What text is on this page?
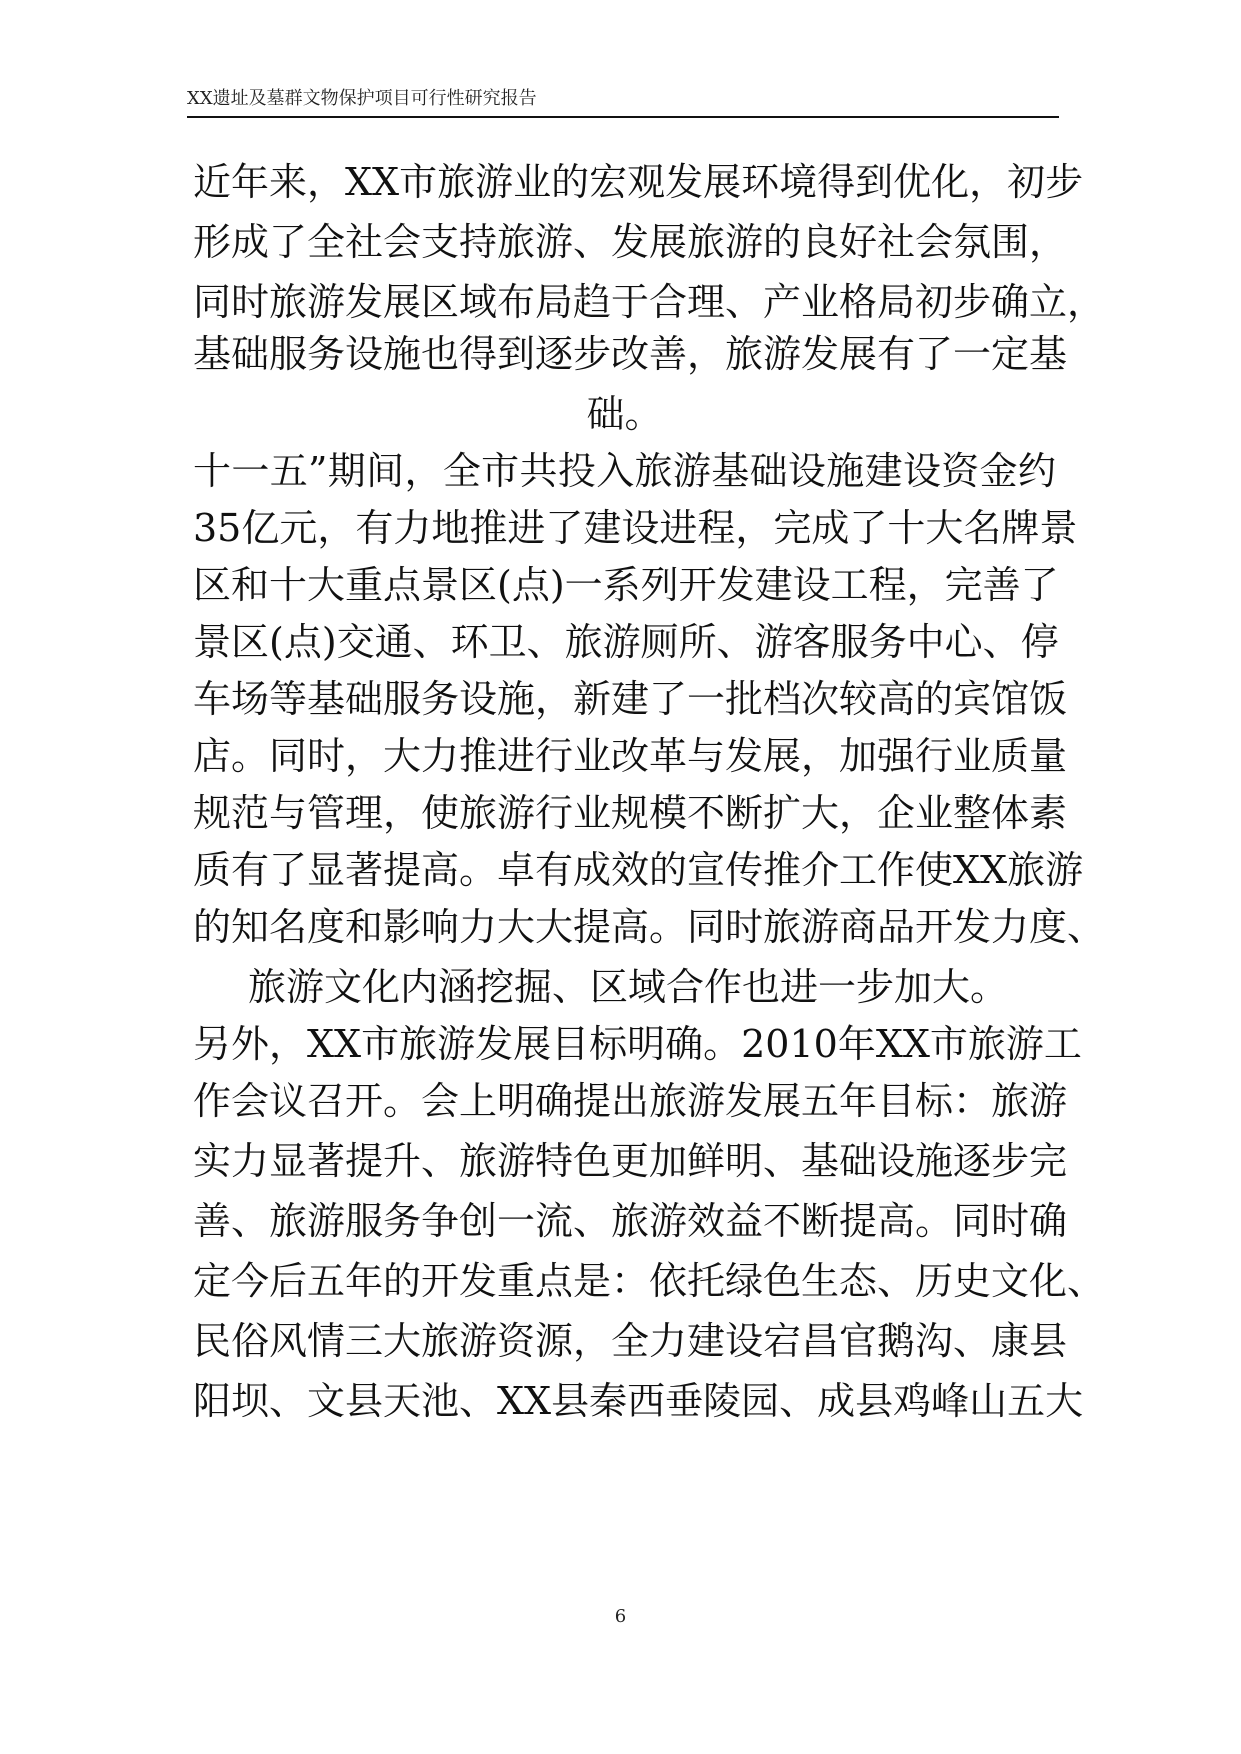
XX遗址及墓群文物保护项目可行性研究报告
近年来，XX市旅游业的宏观发展环境得到优化，初步
形成了全社会支持旅游、发展旅游的良好社会氛围，
同时旅游发展区域布局趋于合理、产业格局初步确立，
基础服务设施也得到逐步改善，旅游发展有了一定基
础。
十一五”期间，全市共投入旅游基础设施建设资金约
35亿元，有力地推进了建设进程，完成了十大名牌景
区和十大重点景区(点)一系列开发建设工程，完善了
景区(点)交通、环卫、旅游厕所、游客服务中心、停
车场等基础服务设施，新建了一批档次较高的宾馆饭
店。同时，大力推进行业改革与发展，加强行业质量
规范与管理，使旅游行业规模不断扩大，企业整体素
质有了显著提高。卓有成效的宣传推介工作使XX旅游
的知名度和影响力大大提高。同时旅游商品开发力度、
旅游文化内涵挖掘、区域合作也进一步加大。
另外，XX市旅游发展目标明确。2010年XX市旅游工
作会议召开。会上明确提出旅游发展五年目标：旅游
实力显著提升、旅游特色更加鲜明、基础设施逐步完
善、旅游服务争创一流、旅游效益不断提高。同时确
定今后五年的开发重点是：依托绿色生态、历史文化、
民俗风情三大旅游资源，全力建设宕昌官鹅沟、康县
阳坝、文县天池、XX县秦西垂陵园、成县鸡峰山五大
6
